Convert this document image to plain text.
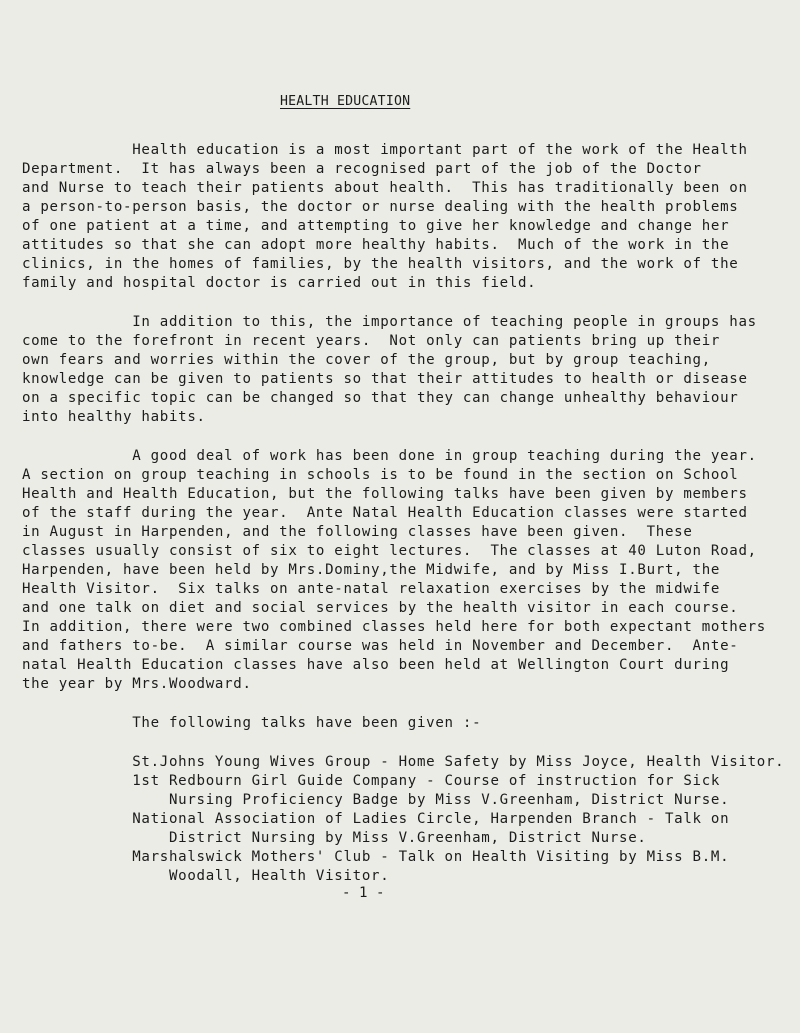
HEALTH EDUCATION
Health education is a most important part of the work of the Health
Department.  It has always been a recognised part of the job of the Doctor
and Nurse to teach their patients about health.  This has traditionally been on
a person-to-person basis, the doctor or nurse dealing with the health problems
of one patient at a time, and attempting to give her knowledge and change her
attitudes so that she can adopt more healthy habits.  Much of the work in the
clinics, in the homes of families, by the health visitors, and the work of the
family and hospital doctor is carried out in this field.
In addition to this, the importance of teaching people in groups has
come to the forefront in recent years.  Not only can patients bring up their
own fears and worries within the cover of the group, but by group teaching,
knowledge can be given to patients so that their attitudes to health or disease
on a specific topic can be changed so that they can change unhealthy behaviour
into healthy habits.
A good deal of work has been done in group teaching during the year.
A section on group teaching in schools is to be found in the section on School
Health and Health Education, but the following talks have been given by members
of the staff during the year.  Ante Natal Health Education classes were started
in August in Harpenden, and the following classes have been given.  These
classes usually consist of six to eight lectures.  The classes at 40 Luton Road,
Harpenden, have been held by Mrs.Dominy,the Midwife, and by Miss I.Burt, the
Health Visitor.  Six talks on ante-natal relaxation exercises by the midwife
and one talk on diet and social services by the health visitor in each course.
In addition, there were two combined classes held here for both expectant mothers
and fathers to-be.  A similar course was held in November and December.  Ante-
natal Health Education classes have also been held at Wellington Court during
the year by Mrs.Woodward.
The following talks have been given :-
St.Johns Young Wives Group - Home Safety by Miss Joyce, Health Visitor.
1st Redbourn Girl Guide Company - Course of instruction for Sick
Nursing Proficiency Badge by Miss V.Greenham, District Nurse.
National Association of Ladies Circle, Harpenden Branch - Talk on
District Nursing by Miss V.Greenham, District Nurse.
Marshalswick Mothers' Club - Talk on Health Visiting by Miss B.M.
Woodall, Health Visitor.
- 1 -
